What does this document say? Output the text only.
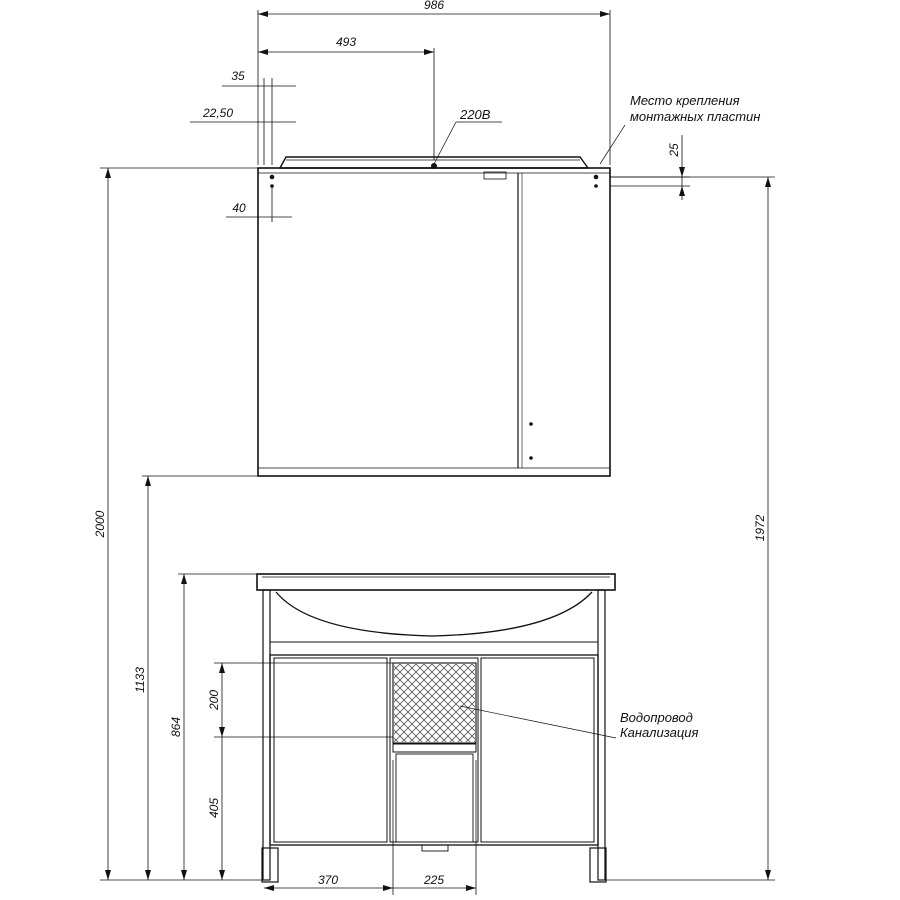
986
493
35
22,50
40
25
2000	1972
1133
864
200
405
370	225
220В
Место крепления
монтажных пластин
Водопровод
Канализация
